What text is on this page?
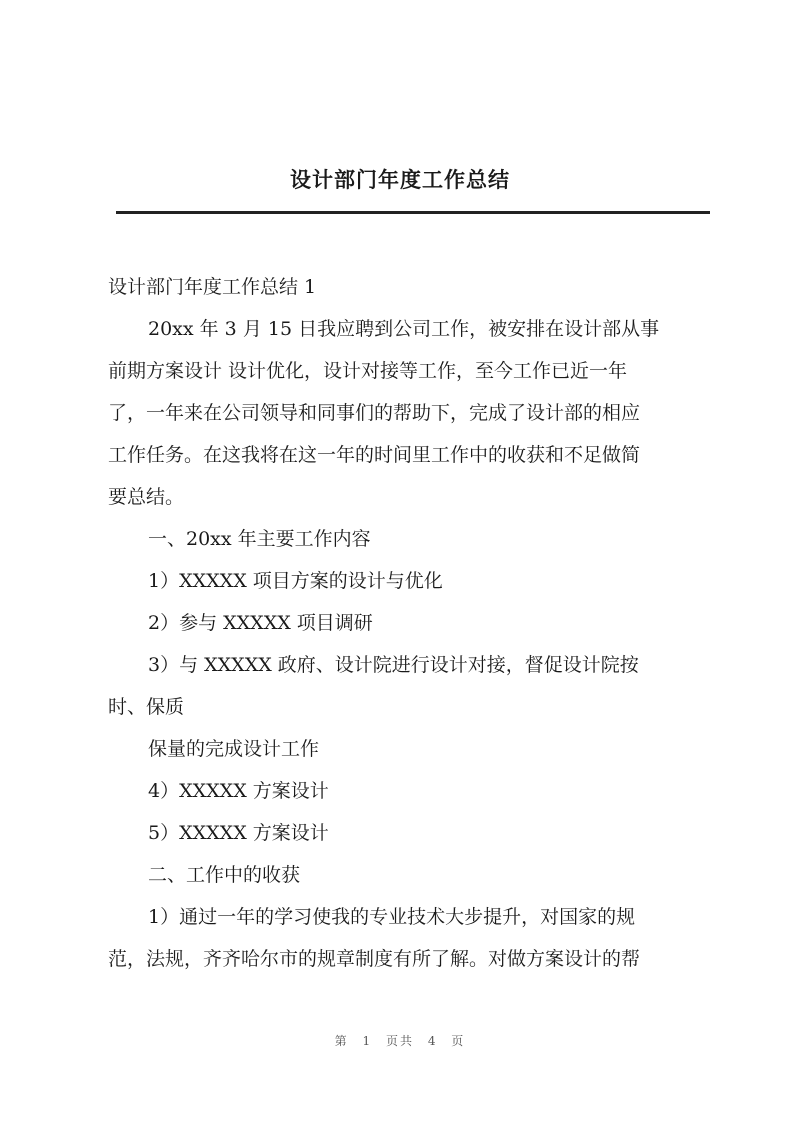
设计部门年度工作总结

设计部门年度工作总结 1

20xx 年 3 月 15 日我应聘到公司工作，被安排在设计部从事

前期方案设计 设计优化，设计对接等工作，至今工作已近一年

了，一年来在公司领导和同事们的帮助下，完成了设计部的相应

工作任务。在这我将在这一年的时间里工作中的收获和不足做简

要总结。

一、20xx 年主要工作内容

1）XXXXX 项目方案的设计与优化

2）参与 XXXXX 项目调研

3）与 XXXXX 政府、设计院进行设计对接，督促设计院按

时、保质

保量的完成设计工作

4）XXXXX 方案设计

5）XXXXX 方案设计

二、工作中的收获

1）通过一年的学习使我的专业技术大步提升，对国家的规

范，法规，齐齐哈尔市的规章制度有所了解。对做方案设计的帮

第 1 页共 4 页
